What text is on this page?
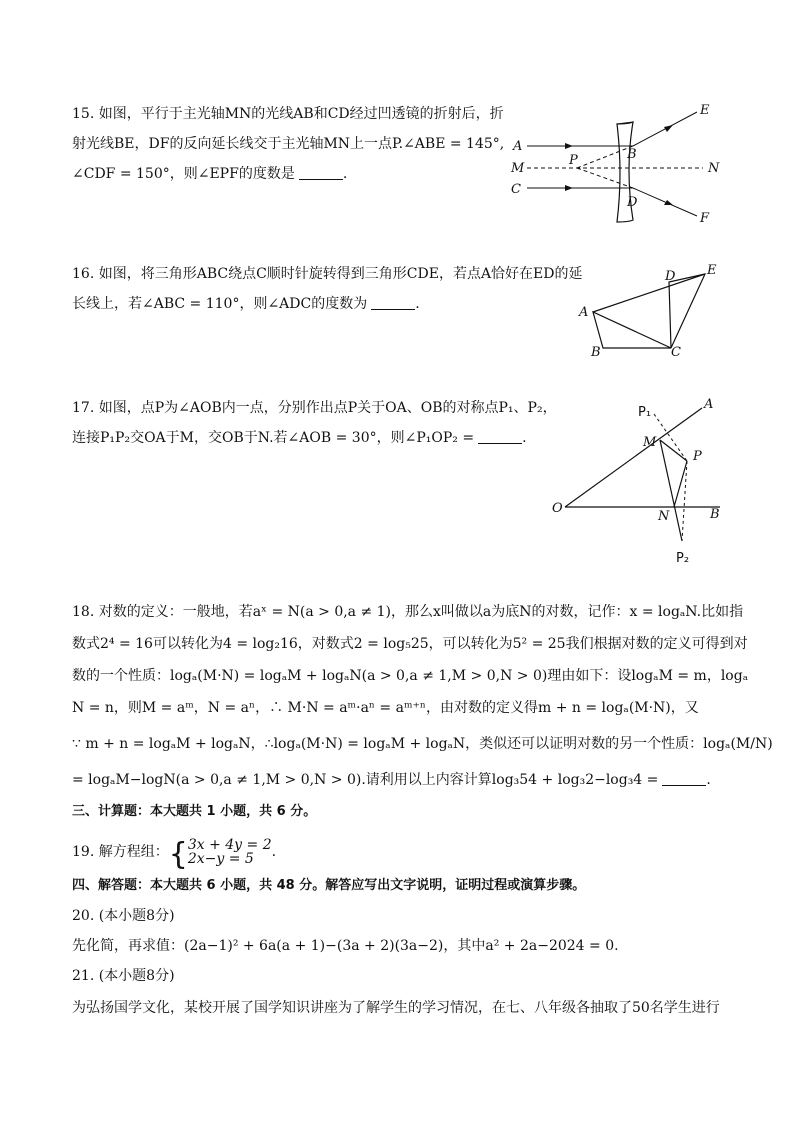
15. 如图，平行于主光轴MN的光线AB和CD经过凹透镜的折射后，折
射光线BE，DF的反向延长线交于主光轴MN上一点P.∠ABE = 145°,
∠CDF = 150°，则∠EPF的度数是	.
A
M
C
P	B
D
E
N
F
16. 如图，将三角形ABC绕点C顺时针旋转得到三角形CDE，若点A恰好在ED的延
长线上，若∠ABC = 110°，则∠ADC的度数为	.
A
B	C
D E
17. 如图，点P为∠AOB内一点，分别作出点P关于OA、OB的对称点P₁、P₂，
连接P₁P₂交OA于M，交OB于N.若∠AOB = 30°，则∠P₁OP₂ =	.
P₁
A
M
P
O
N	B
P₂
18. 对数的定义：一般地，若aˣ = N(a > 0,a ≠ 1)，那么x叫做以a为底N的对数，记作：x = logₐN.比如指
数式2⁴ = 16可以转化为4 = log₂16，对数式2 = log₅25，可以转化为5² = 25我们根据对数的定义可得到对
数的一个性质：logₐ(M·N) = logₐM + logₐN(a > 0,a ≠ 1,M > 0,N > 0)理由如下：设logₐM = m，logₐ
N = n，则M = aᵐ，N = aⁿ，∴ M·N = aᵐ·aⁿ = aᵐ⁺ⁿ，由对数的定义得m + n = logₐ(M·N)，又
∵ m + n = logₐM + logₐN，∴logₐ(M·N) = logₐM + logₐN，类似还可以证明对数的另一个性质：logₐ(M/N)
= logₐM−logN(a > 0,a ≠ 1,M > 0,N > 0).请利用以上内容计算log₃54 + log₃2−log₃4 =	.
三、计算题：本大题共 1 小题，共 6 分。
19. 解方程组：{ 3x + 4y = 2
2x−y = 5	.
四、解答题：本大题共 6 小题，共 48 分。解答应写出文字说明，证明过程或演算步骤。
20. (本小题8分)
先化简，再求值：(2a−1)² + 6a(a + 1)−(3a + 2)(3a−2)，其中a² + 2a−2024 = 0.
21. (本小题8分)
为弘扬国学文化，某校开展了国学知识讲座为了解学生的学习情况，在七、八年级各抽取了50名学生进行
